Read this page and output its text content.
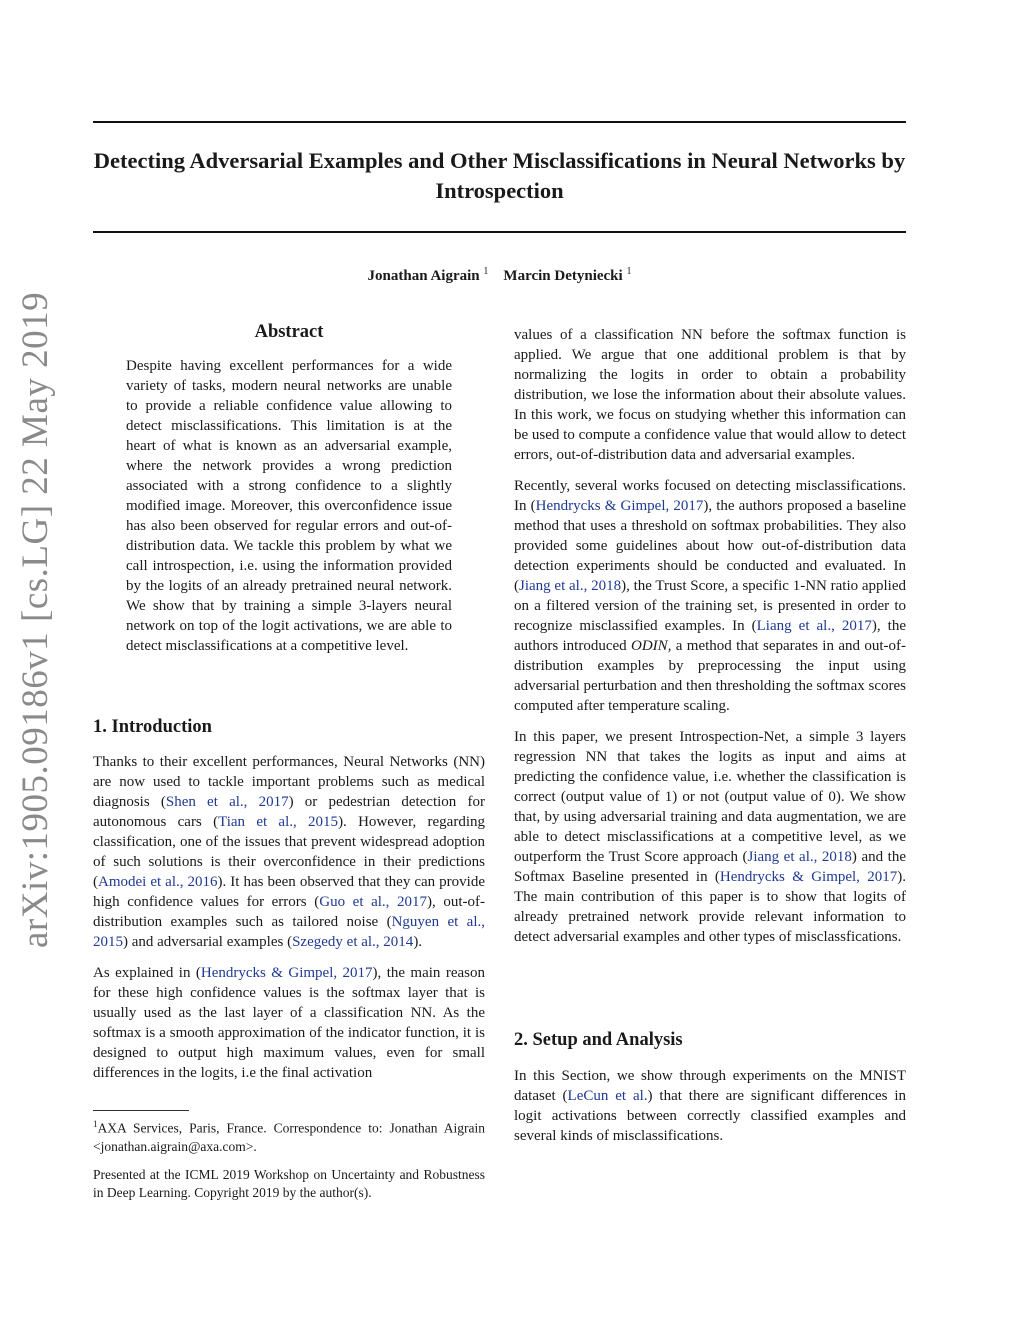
Detecting Adversarial Examples and Other Misclassifications in Neural Networks by Introspection
Jonathan Aigrain $^1$ Marcin Detyniecki $^1$
arXiv:1905.09186v1 [cs.LG] 22 May 2019	Abstract
Despite having excellent performances for a wide variety of tasks, modern neural networks are unable to provide a reliable confidence value allowing to detect misclassifications. This limitation is at the heart of what is known as an adversarial example, where the network provides a wrong prediction associated with a strong confidence to a slightly modified image. Moreover, this overconfidence issue has also been observed for regular errors and out-of-distribution data. We tackle this problem by what we call introspection, i.e. using the information provided by the logits of an already pretrained neural network. We show that by training a simple 3-layers neural network on top of the logit activations, we are able to detect misclassifications at a competitive level.
1. Introduction

Thanks to their excellent performances, Neural Networks (NN) are now used to tackle important problems such as medical diagnosis (Shen et al., 2017) or pedestrian detection for autonomous cars (Tian et al., 2015). However, regarding classification, one of the issues that prevent widespread adoption of such solutions is their overconfidence in their predictions (Amodei et al., 2016). It has been observed that they can provide high confidence values for errors (Guo et al., 2017), out-of-distribution examples such as tailored noise (Nguyen et al., 2015) and adversarial examples (Szegedy et al., 2014).

As explained in (Hendrycks & Gimpel, 2017), the main reason for these high confidence values is the softmax layer that is usually used as the last layer of a classification NN. As the softmax is a smooth approximation of the indicator function, it is designed to output high maximum values, even for small differences in the logits, i.e the final activation

$^1$AXA Services, Paris, France. Correspondence to: Jonathan Aigrain <jonathan.aigrain@axa.com>.
Presented at the ICML 2019 Workshop on Uncertainty and Robustness in Deep Learning. Copyright 2019 by the author(s).

values of a classification NN before the softmax function is applied. We argue that one additional problem is that by normalizing the logits in order to obtain a probability distribution, we lose the information about their absolute values. In this work, we focus on studying whether this information can be used to compute a confidence value that would allow to detect errors, out-of-distribution data and adversarial examples.

Recently, several works focused on detecting misclassifications. In (Hendrycks & Gimpel, 2017), the authors proposed a baseline method that uses a threshold on softmax probabilities. They also provided some guidelines about how out-of-distribution data detection experiments should be conducted and evaluated. In (Jiang et al., 2018), the Trust Score, a specific 1-NN ratio applied on a filtered version of the training set, is presented in order to recognize misclassified examples. In (Liang et al., 2017), the authors introduced ODIN, a method that separates in and out-of-distribution examples by preprocessing the input using adversarial perturbation and then thresholding the softmax scores computed after temperature scaling.

In this paper, we present Introspection-Net, a simple 3 layers regression NN that takes the logits as input and aims at predicting the confidence value, i.e. whether the classification is correct (output value of 1) or not (output value of 0). We show that, by using adversarial training and data augmentation, we are able to detect misclassifications at a competitive level, as we outperform the Trust Score approach (Jiang et al., 2018) and the Softmax Baseline presented in (Hendrycks & Gimpel, 2017). The main contribution of this paper is to show that logits of already pretrained network provide relevant information to detect adversarial examples and other types of misclassfications.

2. Setup and Analysis
In this Section, we show through experiments on the MNIST dataset (LeCun et al.) that there are significant differences in logit activations between correctly classified examples and several kinds of misclassifications.
